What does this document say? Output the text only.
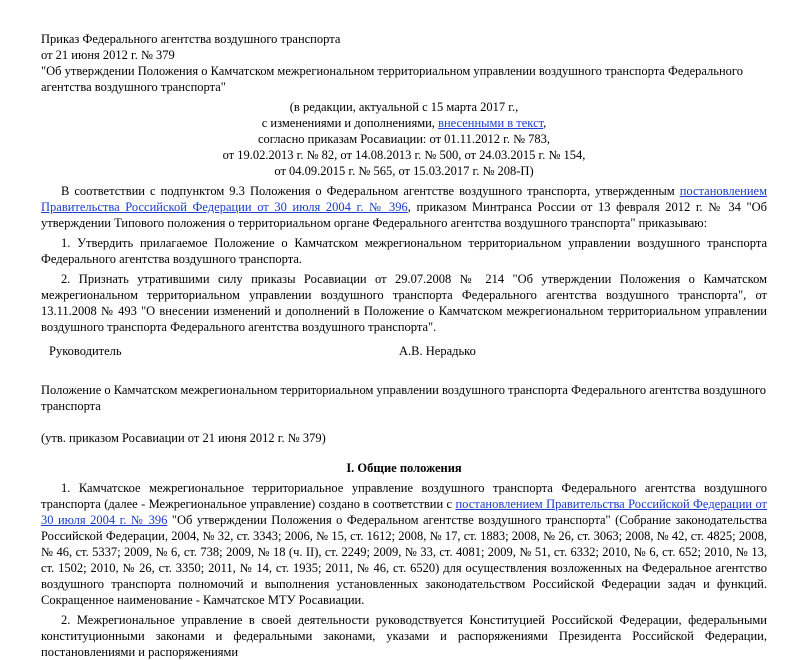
Приказ Федерального агентства воздушного транспорта

от 21 июня 2012 г. № 379

"Об утверждении Положения о Камчатском межрегиональном территориальном управлении воздушного транспорта Федерального агентства воздушного транспорта"

(в редакции, актуальной с 15 марта 2017 г.,
с изменениями и дополнениями, внесенными в текст,
согласно приказам Росавиации: от 01.11.2012 г. № 783,
от 19.02.2013 г. № 82, от 14.08.2013 г. № 500, от 24.03.2015 г. № 154,
от 04.09.2015 г. № 565, от 15.03.2017 г. № 208-П)

В соответствии с подпунктом 9.3 Положения о Федеральном агентстве воздушного транспорта, утвержденным постановлением Правительства Российской Федерации от 30 июля 2004 г. № 396, приказом Минтранса России от 13 февраля 2012 г. № 34 "Об утверждении Типового положения о территориальном органе Федерального агентства воздушного транспорта" приказываю:

1. Утвердить прилагаемое Положение о Камчатском межрегиональном территориальном управлении воздушного транспорта Федерального агентства воздушного транспорта.

2. Признать утратившими силу приказы Росавиации от 29.07.2008 № 214 "Об утверждении Положения о Камчатском межрегиональном территориальном управлении воздушного транспорта Федерального агентства воздушного транспорта", от 13.11.2008 № 493 "О внесении изменений и дополнений в Положение о Камчатском межрегиональном территориальном управлении воздушного транспорта Федерального агентства воздушного транспорта".

Руководитель	А.В. Нерадько

Положение о Камчатском межрегиональном территориальном управлении воздушного транспорта Федерального агентства воздушного транспорта

(утв. приказом Росавиации от 21 июня 2012 г. № 379)

I. Общие положения

1. Камчатское межрегиональное территориальное управление воздушного транспорта Федерального агентства воздушного транспорта (далее - Межрегиональное управление) создано в соответствии с постановлением Правительства Российской Федерации от 30 июля 2004 г. № 396 "Об утверждении Положения о Федеральном агентстве воздушного транспорта" (Собрание законодательства Российской Федерации, 2004, № 32, ст. 3343; 2006, № 15, ст. 1612; 2008, № 17, ст. 1883; 2008, № 26, ст. 3063; 2008, № 42, ст. 4825; 2008, № 46, ст. 5337; 2009, № 6, ст. 738; 2009, № 18 (ч. II), ст. 2249; 2009, № 33, ст. 4081; 2009, № 51, ст. 6332; 2010, № 6, ст. 652; 2010, № 13, ст. 1502; 2010, № 26, ст. 3350; 2011, № 14, ст. 1935; 2011, № 46, ст. 6520) для осуществления возложенных на Федеральное агентство воздушного транспорта полномочий и выполнения установленных законодательством Российской Федерации задач и функций. Сокращенное наименование - Камчатское МТУ Росавиации.

2. Межрегиональное управление в своей деятельности руководствуется Конституцией Российской Федерации, федеральными конституционными законами и федеральными законами, указами и распоряжениями Президента Российской Федерации, постановлениями и распоряжениями
